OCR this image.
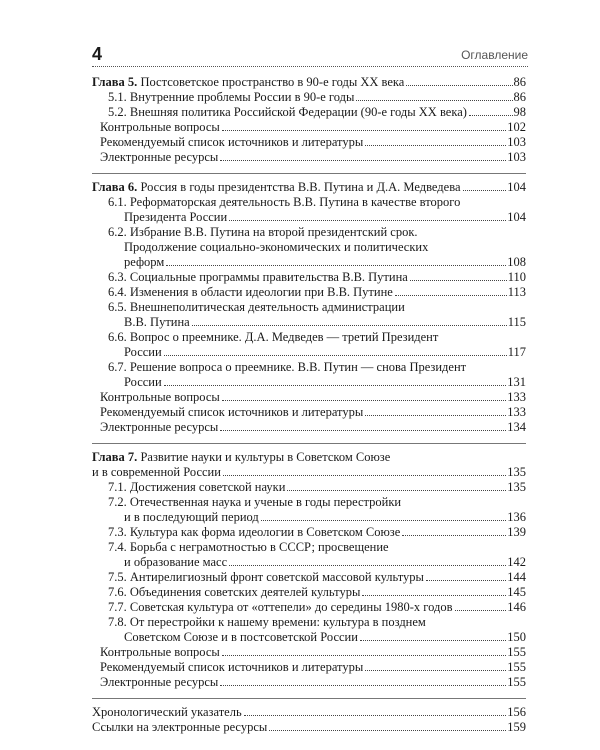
4	Оглавление
Глава 5. Постсоветское пространство в 90-е годы XX века	86
5.1. Внутренние проблемы России в 90-е годы	86
5.2. Внешняя политика Российской Федерации (90-е годы XX века)	98
Контрольные вопросы	102
Рекомендуемый список источников и литературы	103
Электронные ресурсы	103
Глава 6. Россия в годы президентства В.В. Путина и Д.А. Медведева	104
6.1. Реформаторская деятельность В.В. Путина в качестве второго
Президента России	104
6.2. Избрание В.В. Путина на второй президентский срок.
Продолжение социально-экономических и политических
реформ	108
6.3. Социальные программы правительства В.В. Путина	110
6.4. Изменения в области идеологии при В.В. Путине	113
6.5. Внешнеполитическая деятельность администрации
В.В. Путина	115
6.6. Вопрос о преемнике. Д.А. Медведев — третий Президент
России	117
6.7. Решение вопроса о преемнике. В.В. Путин — снова Президент
России	131
Контрольные вопросы	133
Рекомендуемый список источников и литературы	133
Электронные ресурсы	134
Глава 7. Развитие науки и культуры в Советском Союзе
и в современной России	135
7.1. Достижения советской науки	135
7.2. Отечественная наука и ученые в годы перестройки
и в последующий период	136
7.3. Культура как форма идеологии в Советском Союзе	139
7.4. Борьба с неграмотностью в СССР; просвещение
и образование масс	142
7.5. Антирелигиозный фронт советской массовой культуры	144
7.6. Объединения советских деятелей культуры	145
7.7. Советская культура от «оттепели» до середины 1980-х годов	146
7.8. От перестройки к нашему времени: культура в позднем
Советском Союзе и в постсоветской России	150
Контрольные вопросы	155
Рекомендуемый список источников и литературы	155
Электронные ресурсы	155
Хронологический указатель	156
Ссылки на электронные ресурсы	159
